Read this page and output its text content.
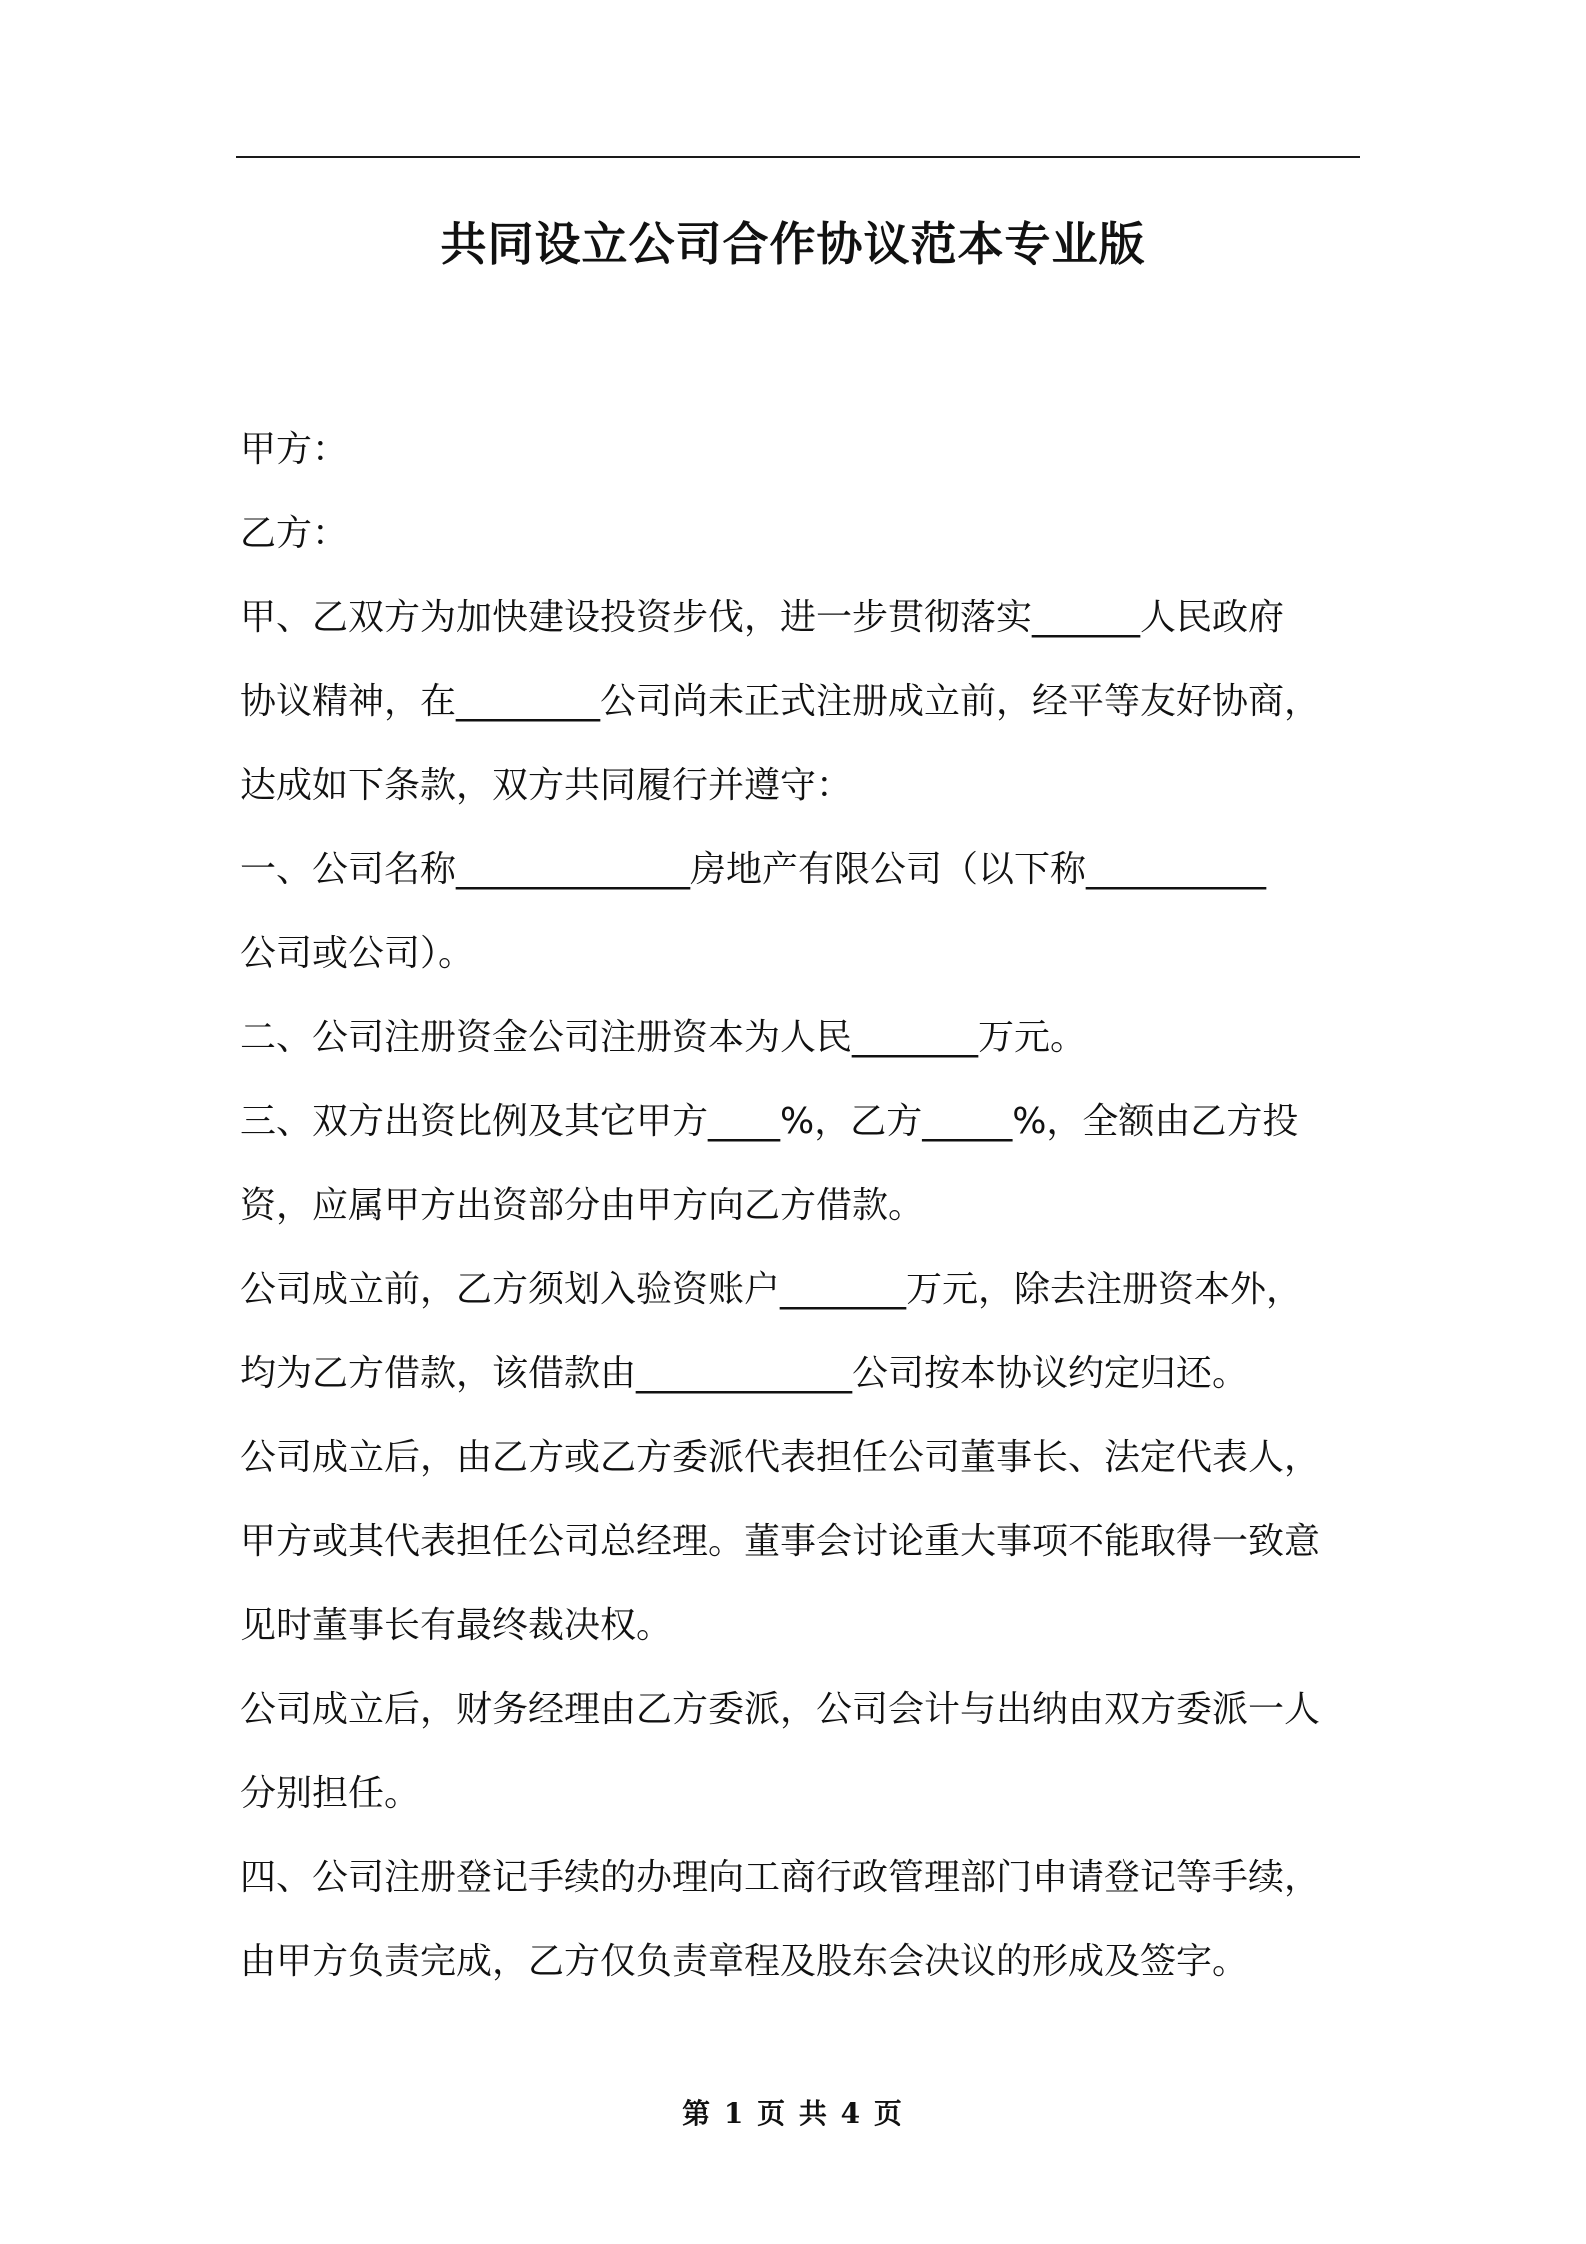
共同设立公司合作协议范本专业版
甲方：
乙方：
甲、乙双方为加快建设投资步伐，进一步贯彻落实______人民政府
协议精神，在________公司尚未正式注册成立前，经平等友好协商，
达成如下条款，双方共同履行并遵守：
一、公司名称_____________房地产有限公司（以下称__________
公司或公司）。
二、公司注册资金公司注册资本为人民_______万元。
三、双方出资比例及其它甲方____%，乙方_____%，全额由乙方投
资，应属甲方出资部分由甲方向乙方借款。
公司成立前，乙方须划入验资账户_______万元，除去注册资本外，
均为乙方借款，该借款由____________公司按本协议约定归还。
公司成立后，由乙方或乙方委派代表担任公司董事长、法定代表人，
甲方或其代表担任公司总经理。董事会讨论重大事项不能取得一致意
见时董事长有最终裁决权。
公司成立后，财务经理由乙方委派，公司会计与出纳由双方委派一人
分别担任。
四、公司注册登记手续的办理向工商行政管理部门申请登记等手续，
由甲方负责完成，乙方仅负责章程及股东会决议的形成及签字。
第 1 页 共 4 页
